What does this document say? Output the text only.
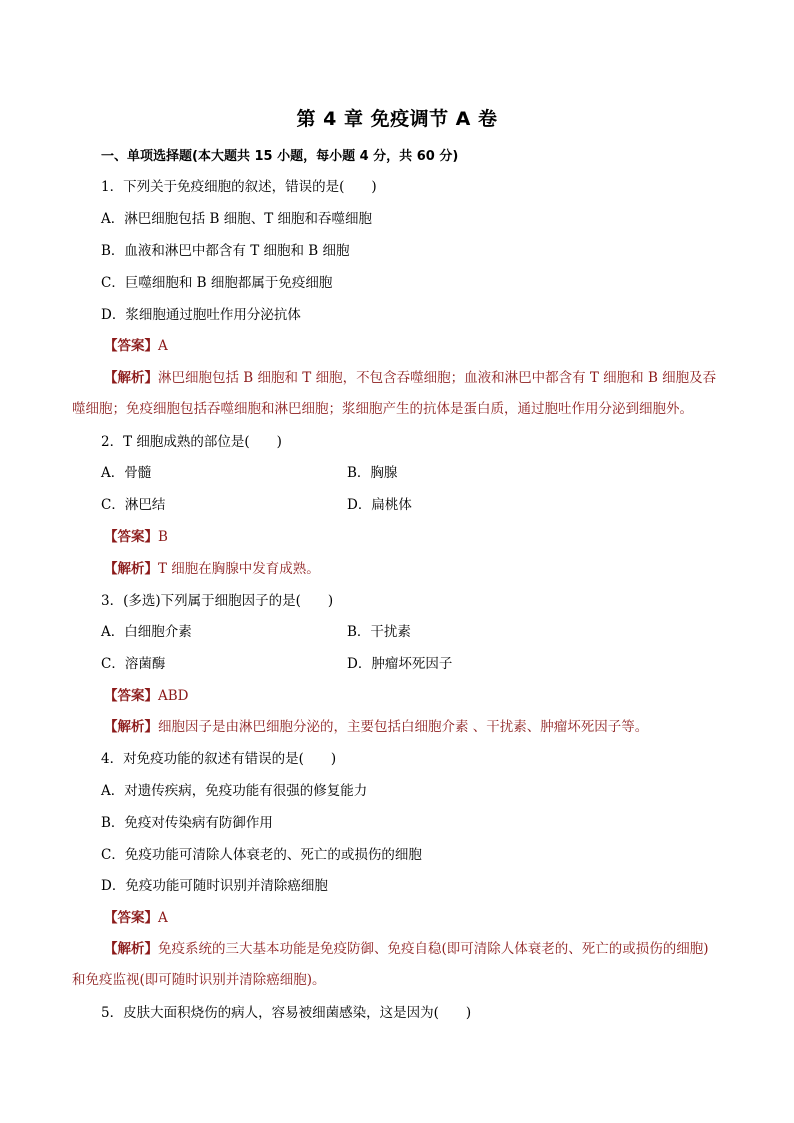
第 4 章 免疫调节 A 卷
一、单项选择题(本大题共 15 小题，每小题 4 分，共 60 分)
1．下列关于免疫细胞的叙述，错误的是(　　)
A．淋巴细胞包括 B 细胞、T 细胞和吞噬细胞
B．血液和淋巴中都含有 T 细胞和 B 细胞
C．巨噬细胞和 B 细胞都属于免疫细胞
D．浆细胞通过胞吐作用分泌抗体
【答案】A
【解析】淋巴细胞包括 B 细胞和 T 细胞，不包含吞噬细胞；血液和淋巴中都含有 T 细胞和 B 细胞及吞
噬细胞；免疫细胞包括吞噬细胞和淋巴细胞；浆细胞产生的抗体是蛋白质，通过胞吐作用分泌到细胞外。
2．T 细胞成熟的部位是(　　)
A．骨髓	B．胸腺
C．淋巴结	D．扁桃体
【答案】B
【解析】T 细胞在胸腺中发育成熟。
3．(多选)下列属于细胞因子的是(　　)
A．白细胞介素	B．干扰素
C．溶菌酶	D．肿瘤坏死因子
【答案】ABD
【解析】细胞因子是由淋巴细胞分泌的，主要包括白细胞介素 、干扰素、肿瘤坏死因子等。
4．对免疫功能的叙述有错误的是(　　)
A．对遗传疾病，免疫功能有很强的修复能力
B．免疫对传染病有防御作用
C．免疫功能可清除人体衰老的、死亡的或损伤的细胞
D．免疫功能可随时识别并清除癌细胞
【答案】A
【解析】免疫系统的三大基本功能是免疫防御、免疫自稳(即可清除人体衰老的、死亡的或损伤的细胞)
和免疫监视(即可随时识别并清除癌细胞)。
5．皮肤大面积烧伤的病人，容易被细菌感染，这是因为(　　)
